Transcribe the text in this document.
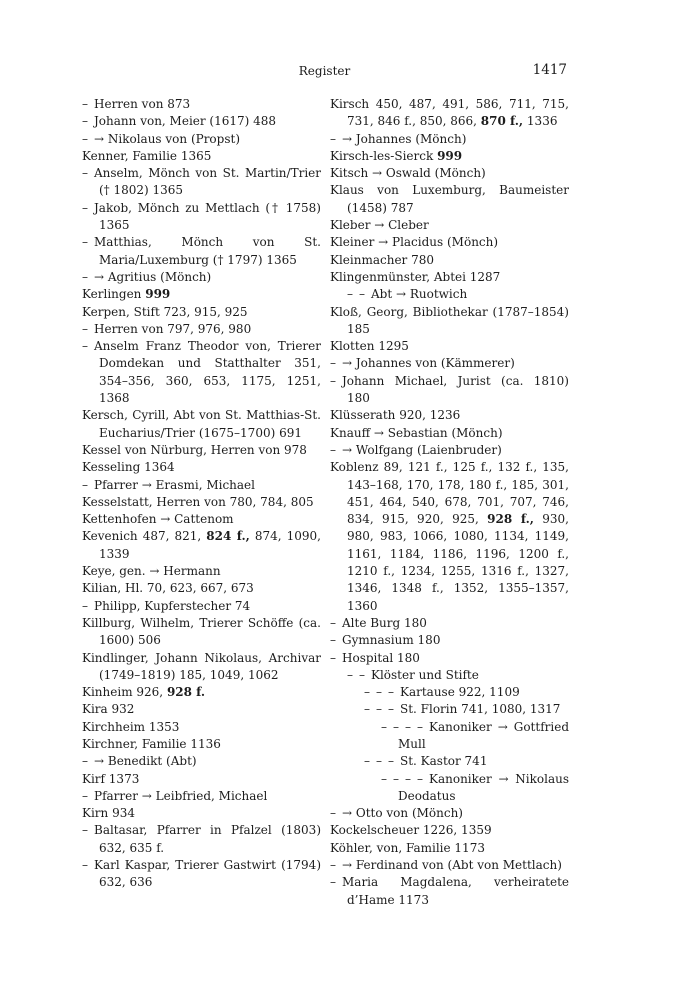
Register	1417
– Herren von 873
– Johann von, Meier (1617) 488
– → Nikolaus von (Propst)
Kenner, Familie 1365
– Anselm, Mönch von St. Martin/Trier († 1802) 1365
– Jakob, Mönch zu Mettlach († 1758) 1365
– Matthias, Mönch von St. Maria/Luxemburg († 1797) 1365
– → Agritius (Mönch)
Kerlingen 999
Kerpen, Stift 723, 915, 925
– Herren von 797, 976, 980
– Anselm Franz Theodor von, Trierer Domdekan und Statthalter 351, 354–356, 360, 653, 1175, 1251, 1368
Kersch, Cyrill, Abt von St. Matthias-St. Eucharius/Trier (1675–1700) 691
Kessel von Nürburg, Herren von 978
Kesseling 1364
– Pfarrer → Erasmi, Michael
Kesselstatt, Herren von 780, 784, 805
Kettenhofen → Cattenom
Kevenich 487, 821, 824 f., 874, 1090, 1339
Keye, gen. → Hermann
Kilian, Hl. 70, 623, 667, 673
– Philipp, Kupferstecher 74
Killburg, Wilhelm, Trierer Schöffe (ca. 1600) 506
Kindlinger, Johann Nikolaus, Archivar (1749–1819) 185, 1049, 1062
Kinheim 926, 928 f.
Kira 932
Kirchheim 1353
Kirchner, Familie 1136
– → Benedikt (Abt)
Kirf 1373
– Pfarrer → Leibfried, Michael
Kirn 934
– Baltasar, Pfarrer in Pfalzel (1803) 632, 635 f.
– Karl Kaspar, Trierer Gastwirt (1794) 632, 636
Kirsch 450, 487, 491, 586, 711, 715, 731, 846 f., 850, 866, 870 f., 1336
– → Johannes (Mönch)
Kirsch-les-Sierck 999
Kitsch → Oswald (Mönch)
Klaus von Luxemburg, Baumeister (1458) 787
Kleber → Cleber
Kleiner → Placidus (Mönch)
Kleinmacher 780
Klingenmünster, Abtei 1287
– – Abt → Ruotwich
Kloß, Georg, Bibliothekar (1787–1854) 185
Klotten 1295
– → Johannes von (Kämmerer)
– Johann Michael, Jurist (ca. 1810) 180
Klüsserath 920, 1236
Knauff → Sebastian (Mönch)
– → Wolfgang (Laienbruder)
Koblenz 89, 121 f., 125 f., 132 f., 135, 143–168, 170, 178, 180 f., 185, 301, 451, 464, 540, 678, 701, 707, 746, 834, 915, 920, 925, 928 f., 930, 980, 983, 1066, 1080, 1134, 1149, 1161, 1184, 1186, 1196, 1200 f., 1210 f., 1234, 1255, 1316 f., 1327, 1346, 1348 f., 1352, 1355–1357, 1360
– Alte Burg 180
– Gymnasium 180
– Hospital 180
– – Klöster und Stifte
– – – Kartause 922, 1109
– – – St. Florin 741, 1080, 1317
– – – – Kanoniker → Gottfried Mull
– – – St. Kastor 741
– – – – Kanoniker → Nikolaus Deodatus
– → Otto von (Mönch)
Kockelscheuer 1226, 1359
Köhler, von, Familie 1173
– → Ferdinand von (Abt von Mettlach)
– Maria Magdalena, verheiratete d’Hame 1173
